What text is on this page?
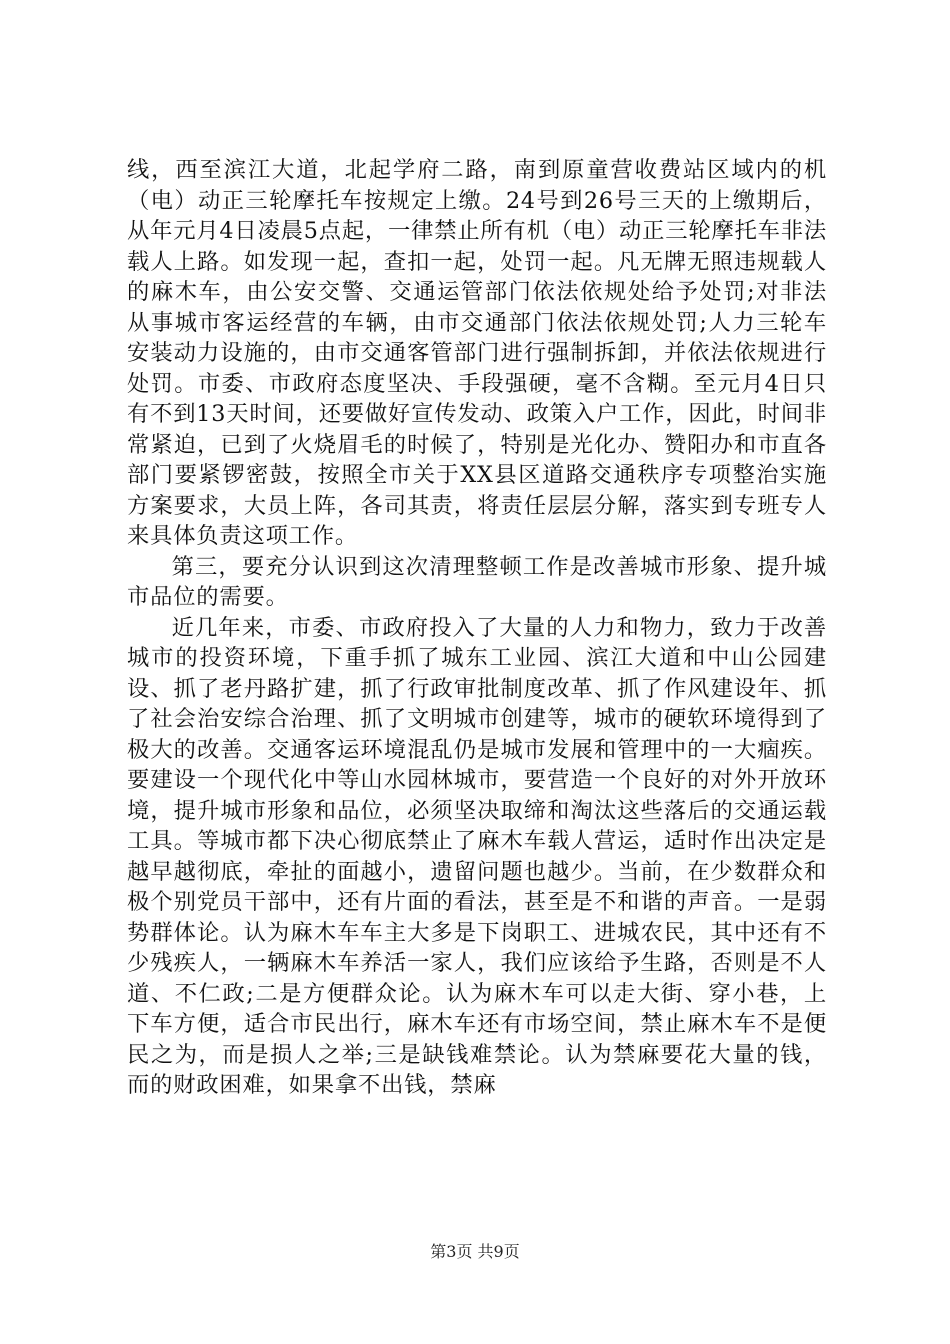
线，西至滨江大道，北起学府二路，南到原童营收费站区域内的机（电）动正三轮摩托车按规定上缴。24号到26号三天的上缴期后，从年元月4日凌晨5点起，一律禁止所有机（电）动正三轮摩托车非法载人上路。如发现一起，查扣一起，处罚一起。凡无牌无照违规载人的麻木车，由公安交警、交通运管部门依法依规处给予处罚;对非法从事城市客运经营的车辆，由市交通部门依法依规处罚;人力三轮车安装动力设施的，由市交通客管部门进行强制拆卸，并依法依规进行处罚。市委、市政府态度坚决、手段强硬，毫不含糊。至元月4日只有不到13天时间，还要做好宣传发动、政策入户工作，因此，时间非常紧迫，已到了火烧眉毛的时候了，特别是光化办、赞阳办和市直各部门要紧锣密鼓，按照全市关于XX县区道路交通秩序专项整治实施方案要求，大员上阵，各司其责，将责任层层分解，落实到专班专人来具体负责这项工作。

第三，要充分认识到这次清理整顿工作是改善城市形象、提升城市品位的需要。

近几年来，市委、市政府投入了大量的人力和物力，致力于改善城市的投资环境，下重手抓了城东工业园、滨江大道和中山公园建设、抓了老丹路扩建，抓了行政审批制度改革、抓了作风建设年、抓了社会治安综合治理、抓了文明城市创建等，城市的硬软环境得到了极大的改善。交通客运环境混乱仍是城市发展和管理中的一大痼疾。要建设一个现代化中等山水园林城市，要营造一个良好的对外开放环境，提升城市形象和品位，必须坚决取缔和淘汰这些落后的交通运载工具。等城市都下决心彻底禁止了麻木车载人营运，适时作出决定是越早越彻底，牵扯的面越小，遗留问题也越少。当前，在少数群众和极个别党员干部中，还有片面的看法，甚至是不和谐的声音。一是弱势群体论。认为麻木车车主大多是下岗职工、进城农民，其中还有不少残疾人，一辆麻木车养活一家人，我们应该给予生路，否则是不人道、不仁政;二是方便群众论。认为麻木车可以走大街、穿小巷，上下车方便，适合市民出行，麻木车还有市场空间，禁止麻木车不是便民之为，而是损人之举;三是缺钱难禁论。认为禁麻要花大量的钱，而的财政困难，如果拿不出钱，禁麻

第3页 共9页
